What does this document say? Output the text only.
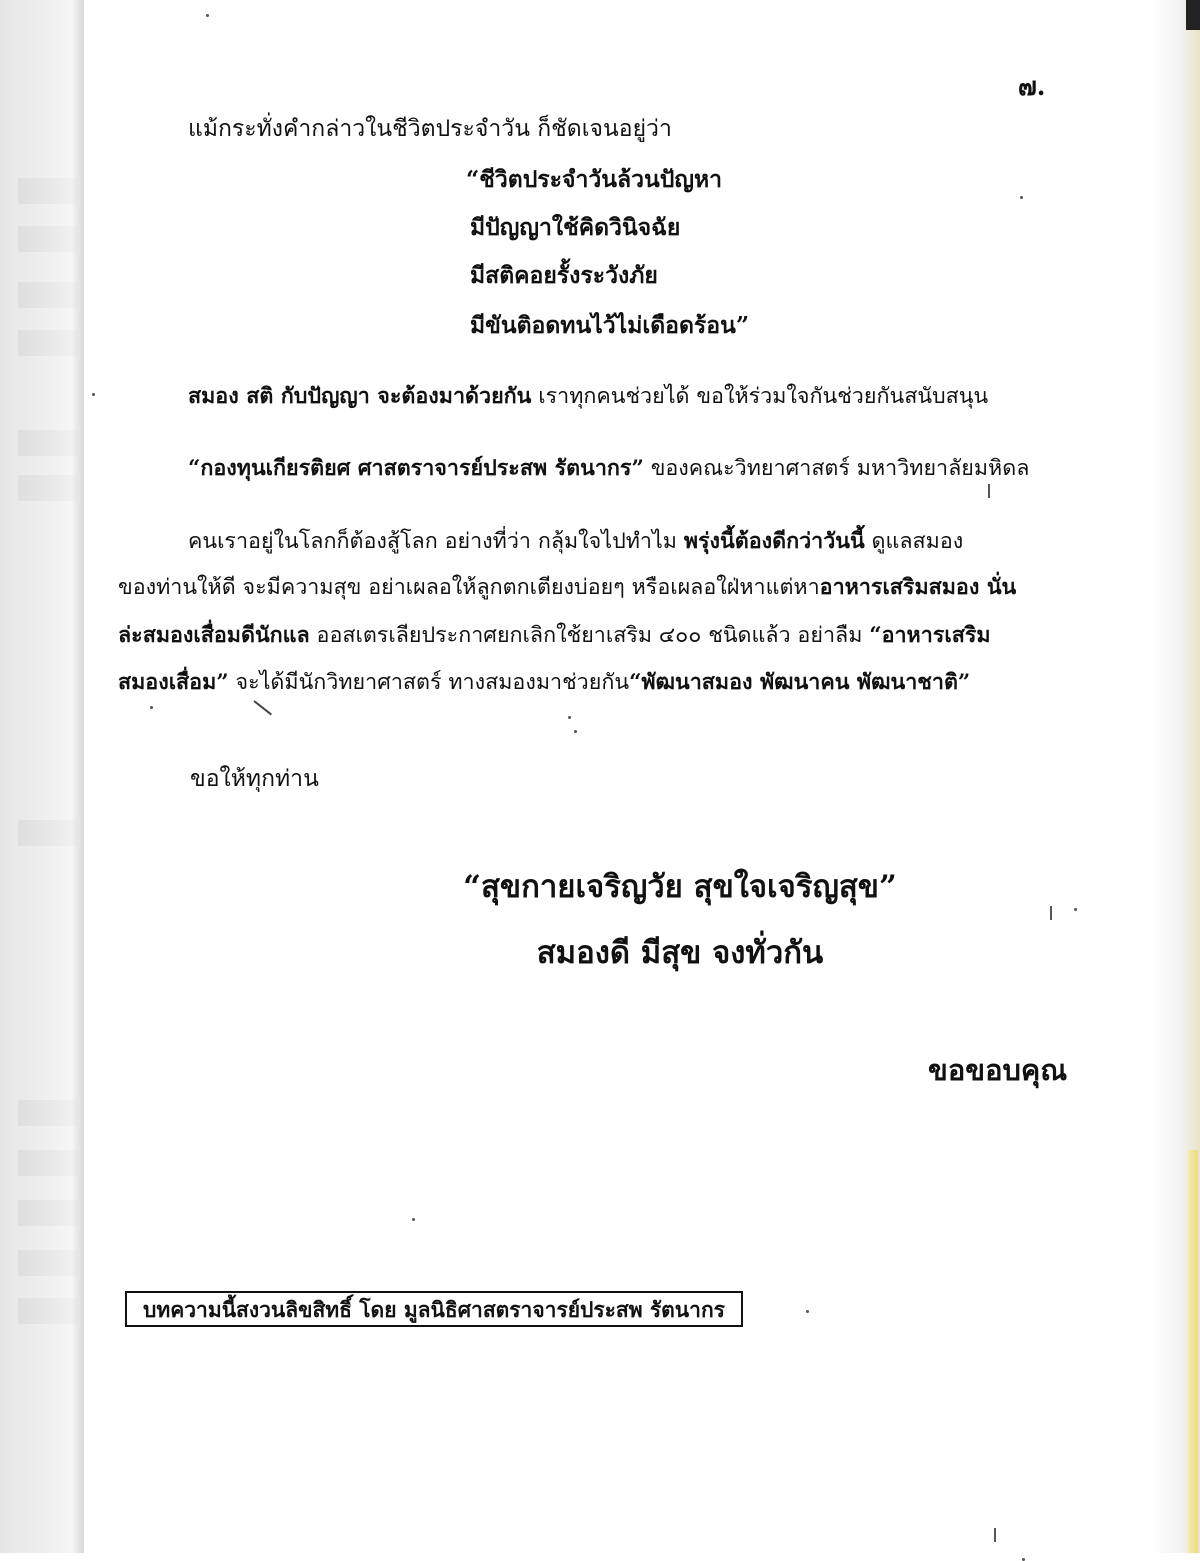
๗.
แม้กระทั่งคำกล่าวในชีวิตประจำวัน ก็ชัดเจนอยู่ว่า
“ชีวิตประจำวันล้วนปัญหา
มีปัญญาใช้คิดวินิจฉัย
มีสติคอยรั้งระวังภัย
มีขันติอดทนไว้ไม่เดือดร้อน”
สมอง สติ กับปัญญา จะต้องมาด้วยกัน เราทุกคนช่วยได้ ขอให้ร่วมใจกันช่วยกันสนับสนุน
“กองทุนเกียรติยศ ศาสตราจารย์ประสพ รัตนากร” ของคณะวิทยาศาสตร์ มหาวิทยาลัยมหิดล
คนเราอยู่ในโลกก็ต้องสู้โลก อย่างที่ว่า กลุ้มใจไปทำไม พรุ่งนี้ต้องดีกว่าวันนี้ ดูแลสมอง
ของท่านให้ดี จะมีความสุข อย่าเผลอให้ลูกตกเตียงบ่อยๆ หรือเผลอใฝ่หาแต่หาอาหารเสริมสมอง นั่น
ล่ะสมองเสื่อมดีนักแล ออสเตรเลียประกาศยกเลิกใช้ยาเสริม ๔๐๐ ชนิดแล้ว อย่าลืม “อาหารเสริม
สมองเสื่อม” จะได้มีนักวิทยาศาสตร์ ทางสมองมาช่วยกัน“พัฒนาสมอง พัฒนาคน พัฒนาชาติ”
ขอให้ทุกท่าน
“สุขกายเจริญวัย สุขใจเจริญสุข”
สมองดี มีสุข จงทั่วกัน
ขอขอบคุณ
บทความนี้สงวนลิขสิทธิ์ โดย มูลนิธิศาสตราจารย์ประสพ รัตนากร
